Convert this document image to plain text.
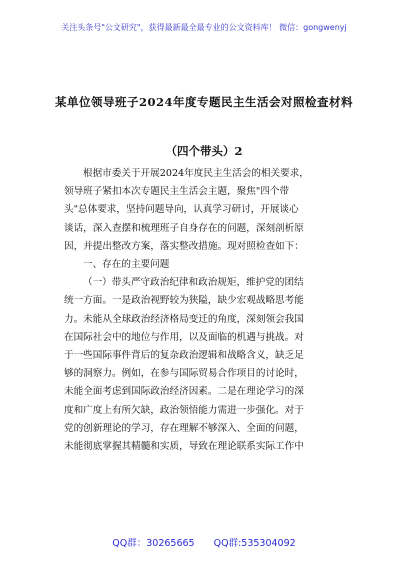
关注头条号"公文研究"，获得最新最全最专业的公文资料库！ 微信：gongwenyj
某单位领导班子2024年度专题民主生活会对照检查材料
（四个带头）2
根据市委关于开展2024年度民主生活会的相关要求，
领导班子紧扣本次专题民主生活会主题，聚焦"四个带
头"总体要求，坚持问题导向，认真学习研讨，开展谈心
谈话，深入查摆和梳理班子自身存在的问题，深刻剖析原
因，并提出整改方案，落实整改措施。现对照检查如下：
一、存在的主要问题
（一）带头严守政治纪律和政治规矩，维护党的团结
统一方面。一是政治视野较为狭隘，缺少宏观战略思考能
力。未能从全球政治经济格局变迁的角度，深刻领会我国
在国际社会中的地位与作用，以及面临的机遇与挑战。对
于一些国际事件背后的复杂政治逻辑和战略含义，缺乏足
够的洞察力。例如，在参与国际贸易合作项目的讨论时，
未能全面考虑到国际政治经济因素。二是在理论学习的深
度和广度上有所欠缺，政治领悟能力需进一步强化。对于
党的创新理论的学习，存在理解不够深入、全面的问题，
未能彻底掌握其精髓和实质，导致在理论联系实际工作中
QQ群：30265665 QQ群:535304092
